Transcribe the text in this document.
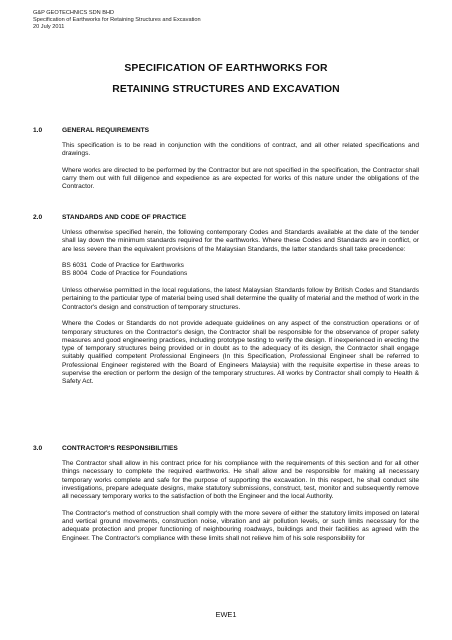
G&P GEOTECHNICS SDN BHD
Specification of Earthworks for Retaining Structures and Excavation
20 July 2011
SPECIFICATION OF EARTHWORKS FOR
RETAINING STRUCTURES AND EXCAVATION
1.0	GENERAL REQUIREMENTS

This specification is to be read in conjunction with the conditions of contract, and all other related specifications and drawings.

Where works are directed to be performed by the Contractor but are not specified in the specification, the Contractor shall carry them out with full diligence and expedience as are expected for works of this nature under the obligations of the Contractor.

2.0	STANDARDS AND CODE OF PRACTICE

Unless otherwise specified herein, the following contemporary Codes and Standards available at the date of the tender shall lay down the minimum standards required for the earthworks. Where these Codes and Standards are in conflict, or are less severe than the equivalent provisions of the Malaysian Standards, the latter standards shall take precedence:

BS 6031 Code of Practice for Earthworks
BS 8004 Code of Practice for Foundations

Unless otherwise permitted in the local regulations, the latest Malaysian Standards follow by British Codes and Standards pertaining to the particular type of material being used shall determine the quality of material and the method of work in the Contractor's design and construction of temporary structures.

Where the Codes or Standards do not provide adequate guidelines on any aspect of the construction operations or of temporary structures on the Contractor's design, the Contractor shall be responsible for the observance of proper safety measures and good engineering practices, including prototype testing to verify the design. If inexperienced in erecting the type of temporary structures being provided or in doubt as to the adequacy of its design, the Contractor shall engage suitably qualified competent Professional Engineers (In this Specification, Professional Engineer shall be referred to Professional Engineer registered with the Board of Engineers Malaysia) with the requisite expertise in these areas to supervise the erection or perform the design of the temporary structures. All works by Contractor shall comply to Health & Safety Act.

3.0	CONTRACTOR'S RESPONSIBILITIES

The Contractor shall allow in his contract price for his compliance with the requirements of this section and for all other things necessary to complete the required earthworks. He shall allow and be responsible for making all necessary temporary works complete and safe for the purpose of supporting the excavation. In this respect, he shall conduct site investigations, prepare adequate designs, make statutory submissions, construct, test, monitor and subsequently remove all necessary temporary works to the satisfaction of both the Engineer and the local Authority.

The Contractor's method of construction shall comply with the more severe of either the statutory limits imposed on lateral and vertical ground movements, construction noise, vibration and air pollution levels, or such limits necessary for the adequate protection and proper functioning of neighbouring roadways, buildings and their facilities as agreed with the Engineer. The Contractor's compliance with these limits shall not relieve him of his sole responsibility for

EWE1
